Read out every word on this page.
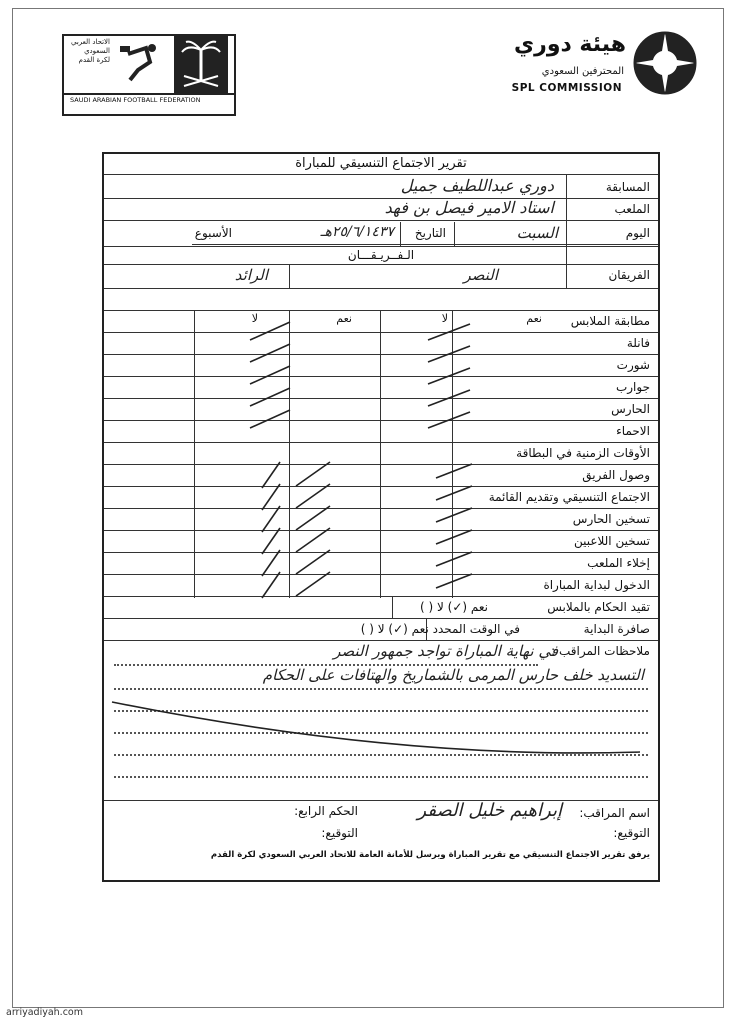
الاتحاد العربي السعودي لكرة القدم
SAUDI ARABIAN FOOTBALL FEDERATION
هيئة دوري
المحترفين السعودي
SPL COMMISSION
تقرير الاجتماع التنسيقي للمباراة
المسابقة
دوري عبداللطيف جميل
الملعب
استاد الامير فيصل بن فهد
اليوم
السبت
التاريخ
٢٥/٦/١٤٣٧هـ
الأسبوع
الـفــريـقـــان
الفريقان
النصر
الرائد
مطابقة الملابس
نعم
لا
نعم
لا
فانلة
شورت
جوارب
الحارس
الاحماء
الأوقات الزمنية في البطاقة
وصول الفريق
الاجتماع التنسيقي وتقديم القائمة
تسخين الحارس
تسخين اللاعبين
إخلاء الملعب
الدخول لبداية المباراة
تقيد الحكام بالملابس
نعم (✓) لا ( )
صافرة البداية
في الوقت المحدد نعم (✓) لا ( )
ملاحظات المراقب :
في نهاية المباراة تواجد جمهور النصر
التسديد خلف حارس المرمى بالشماريخ والهتافات على الحكام
اسم المراقب:
إبراهيم خليل الصقر
الحكم الرابع:
التوقيع:
التوقيع:
يرفق تقرير الاجتماع التنسيقي مع تقرير المباراة ويرسل للأمانة العامة للاتحاد العربي السعودي لكرة القدم
arriyadiyah.com
